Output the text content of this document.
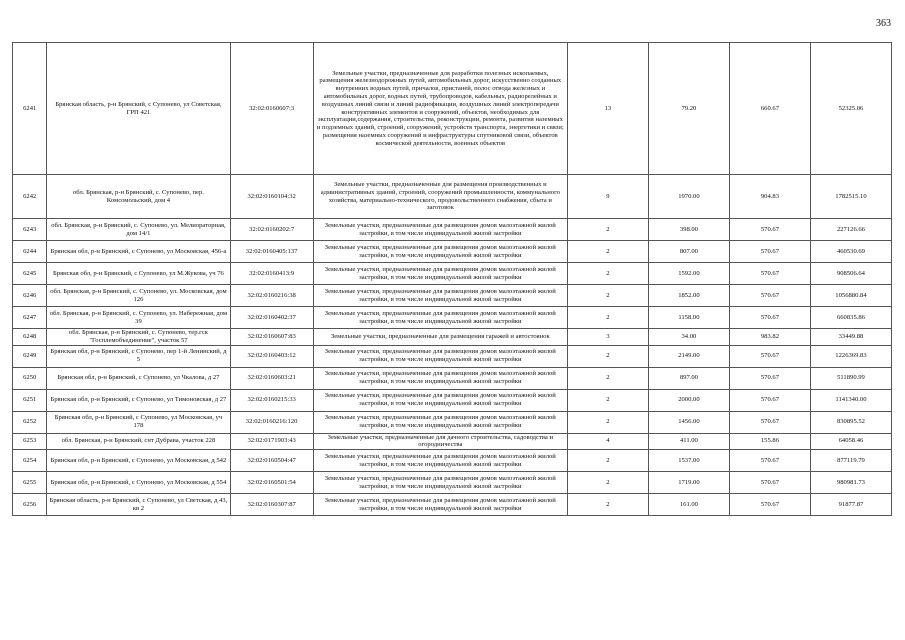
363
6241	Брянская область, р-н Брянский, с Супонево, ул Советская, ГРП 421	32:02:0160607:3	Земельные участки, предназначенные для разработки полезных ископаемых, размещения железнодорожных путей, автомобильных дорог, искусственно созданных внутренних водных путей, причалов, пристаней, полос отвода железных и автомобильных дорог, водных путей, трубопроводов, кабельных, радиорелейных и воздушных линий связи и линий радиофикации, воздушных линий электропередачи конструктивных элементов и сооружений, объектов, необходимых для эксплуатации,содержания, строительства, реконструкции, ремонта, развития наземных и подземных зданий, строений, сооружений, устройств транспорта, энергетики и связи; размещения наземных сооружений и инфраструктуры спутниковой связи, объектов космической деятельности, военных объектов	13	79.20	660.67	52325.06
6242	обл. Брянская, р-н Брянский, с. Супонево, пер. Комсомольский, дом 4	32:02:0160104:32	Земельные участки, предназначенные для размещения производственных и административных зданий, строений, сооружений промышленности, коммунального хозяйства, материально-технического, продовольственного снабжения, сбыта и заготовок	9	1970.00	904.83	1782515.10
6243	обл. Брянская, р-н Брянский, с. Супонево, ул. Мелиораторная, дом 14/1	32:02:0160202:7	Земельные участки, предназначенные для размещения домов малоэтажной жилой застройки, в том числе индивидуальной жилой застройки	2	398.00	570.67	227126.66
6244	Брянская обл, р-н Брянский, с Супонево, ул Московская, 456-а	32:02:0160405:137	Земельные участки, предназначенные для размещения домов малоэтажной жилой застройки, в том числе индивидуальной жилой застройки	2	807.00	570.67	460530.69
6245	Брянская обл, р-н Брянский, с Супонево, ул М.Жукова, уч 76	32:02:0160413:9	Земельные участки, предназначенные для размещения домов малоэтажной жилой застройки, в том числе индивидуальной жилой застройки	2	1592.00	570.67	908506.64
6246	обл. Брянская, р-н Брянский, с. Супонево, ул. Московская, дом 126	32:02:0160216:38	Земельные участки, предназначенные для размещения домов малоэтажной жилой застройки, в том числе индивидуальной жилой застройки	2	1852.00	570.67	1056880.84
6247	обл. Брянская, р-н Брянский, с. Супонево, ул. Набережная, дом 39	32:02:0160402:37	Земельные участки, предназначенные для размещения домов малоэтажной жилой застройки, в том числе индивидуальной жилой застройки	2	1158.00	570.67	660835.86
6248	обл. Брянская, р-н Брянский, с. Супонево, тер.гск "Госплемобъединение", участок 57	32:02:0160607:83	Земельные участки, предназначенные для размещения гаражей и автостоянок	3	34.00	983.82	33449.88
6249	Брянская обл, р-н Брянский, с Супонево, пер 1-й Ленинский, д 5	32:02:0160403:12	Земельные участки, предназначенные для размещения домов малоэтажной жилой застройки, в том числе индивидуальной жилой застройки	2	2149.00	570.67	1226369.83
6250	Брянская обл, р-н Брянский, с Супонево, ул Чкалова, д 27	32:02:0160603:21	Земельные участки, предназначенные для размещения домов малоэтажной жилой застройки, в том числе индивидуальной жилой застройки	2	897.00	570.67	511890.99
6251	Брянская обл, р-н Брянский, с Супонево, ул Тимоновская, д 27	32:02:0160215:33	Земельные участки, предназначенные для размещения домов малоэтажной жилой застройки, в том числе индивидуальной жилой застройки	2	2000.00	570.67	1141340.00
6252	Брянская обл, р-н Брянский, с Супонево, ул Московская, уч 178	32:02:0160216:120	Земельные участки, предназначенные для размещения домов малоэтажной жилой застройки, в том числе индивидуальной жилой застройки	2	1456.00	570.67	830895.52
6253	обл. Брянская, р-н Брянский, снт Дубрава, участок 228	32:02:0171903:43	Земельные участки, предназначенные для дачного строительства, садоводства и огородничества	4	411.00	155.86	64058.46
6254	Брянская обл, р-н Брянский, с Супонево, ул Московская, д 542	32:02:0160504:47	Земельные участки, предназначенные для размещения домов малоэтажной жилой застройки, в том числе индивидуальной жилой застройки	2	1537.00	570.67	877119.79
6255	Брянская обл, р-н Брянский, с Супонево, ул Московская, д 554	32:02:0160501:54	Земельные участки, предназначенные для размещения домов малоэтажной жилой застройки, в том числе индивидуальной жилой застройки	2	1719.00	570.67	980981.73
6256	Брянская область, р-н Брянский, с Супонево, ул Светская, д 43, кв 2	32:02:0160307:87	Земельные участки, предназначенные для размещения домов малоэтажной жилой застройки, в том числе индивидуальной жилой застройки	2	161.00	570.67	91877.87
